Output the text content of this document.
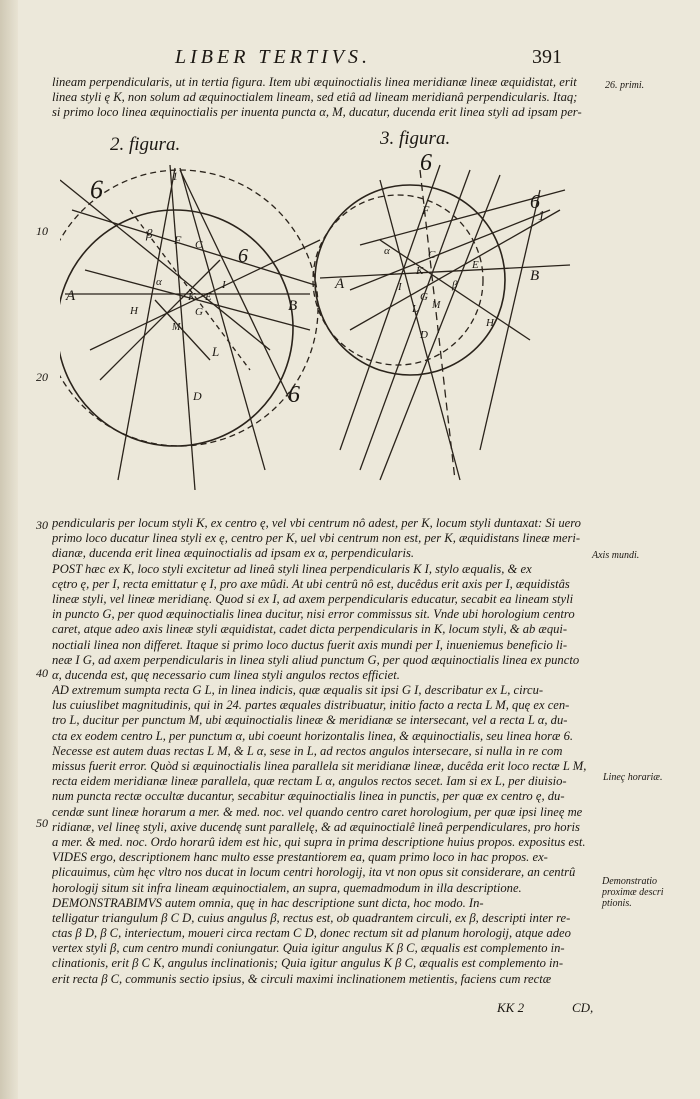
LIBER TERTIVS.	391
lineam perpendicularis, ut in tertia figura. Item ubi æquinoctialis linea meridianæ lineæ æquidistat, erit
linea styli ę K, non solum ad æquinoctialem lineam, sed etiâ ad lineam meridianâ perpendicularis. Itaq;
si primo loco linea æquinoctialis per inuenta puncta α, M, ducatur, ducenda erit linea styli ad ipsam per-
26. primi.
2. figura.	3. figura.
6
6
6
A
B
C
D
E
F
G
H
I
K
L
M
α
β
1	6
6
A	B
C
D
E
F
G
H
I
K
L M
α
β
1
10
20
30
40
50
pendicularis per locum styli K, ex centro ę, vel vbi centrum nô adest, per K, locum styli duntaxat: Si uero
primo loco ducatur linea styli ex ę, centro per K, uel vbi centrum non est, per K, æquidistans lineæ meri-
dianæ, ducenda erit linea æquinoctialis ad ipsam ex α, perpendicularis.
POST hæc ex K, loco styli excitetur ad lineâ styli linea perpendicularis K I, stylo æqualis, & ex
cętro ę, per I, recta emittatur ę I, pro axe mûdi. At ubi centrû nô est, ducêdus erit axis per I, æquidistâs
lineæ styli, vel lineæ meridianę. Quod si ex I, ad axem perpendicularis educatur, secabit ea lineam styli
in puncto G, per quod æquinoctialis linea ducitur, nisi error commissus sit. Vnde ubi horologium centro
caret, atque adeo axis lineæ styli æquidistat, cadet dicta perpendicularis in K, locum styli, & ab æqui-
noctiali linea non differet. Itaque si primo loco ductus fuerit axis mundi per I, inueniemus beneficio li-
neæ I G, ad axem perpendicularis in linea styli aliud punctum G, per quod æquinoctialis linea ex puncto
α, ducenda est, quę necessario cum linea styli angulos rectos efficiet.
AD extremum sumpta recta G L, in linea indicis, quæ æqualis sit ipsi G I, describatur ex L, circu-
lus cuiuslibet magnitudinis, qui in 24. partes æquales distribuatur, initio facto a recta L M, quę ex cen-
tro L, ducitur per punctum M, ubi æquinoctialis lineæ & meridianæ se intersecant, vel a recta L α, du-
cta ex eodem centro L, per punctum α, ubi coeunt horizontalis linea, & æquinoctialis, seu linea horæ 6.
Necesse est autem duas rectas L M, & L α, sese in L, ad rectos angulos intersecare, si nulla in re com
missus fuerit error. Quòd si æquinoctialis linea parallela sit meridianæ lineæ, ducêda erit loco rectæ L M,
recta eidem meridianæ lineæ parallela, quæ rectam L α, angulos rectos secet. Iam si ex L, per diuisio-
num puncta rectæ occultæ ducantur, secabitur æquinoctialis linea in punctis, per quæ ex centro ę, du-
cendæ sunt lineæ horarum a mer. & med. noc. vel quando centro caret horologium, per quæ ipsi lineę me
ridianæ, vel lineę styli, axive ducendę sunt parallelę, & ad æquinoctialê lineâ perpendiculares, pro horis
a mer. & med. noc. Ordo horarû idem est hic, qui supra in prima descriptione huius propos. expositus est.
VIDES ergo, descriptionem hanc multo esse prestantiorem ea, quam primo loco in hac propos. ex-
plicauimus, cùm hęc vltro nos ducat in locum centri horologij, ita vt non opus sit considerare, an centrû
horologij situm sit infra lineam æquinoctialem, an supra, quemadmodum in illa descriptione.
DEMONSTRABIMVS autem omnia, quę in hac descriptione sunt dicta, hoc modo. In-
telligatur triangulum β C D, cuius angulus β, rectus est, ob quadrantem circuli, ex β, descripti inter re-
ctas β D, β C, interiectum, moueri circa rectam C D, donec rectum sit ad planum horologij, atque adeo
vertex styli β, cum centro mundi coniungatur. Quia igitur angulus K β C, æqualis est complemento in-
clinationis, erit β C K, angulus inclinationis; Quia igitur angulus K β C, æqualis est complemento in-
erit recta β C, communis sectio ipsius, & circuli maximi inclinationem metientis, faciens cum rectæ
Axis mundi.
Lineç horariæ.
Demonstratio
proximæ descri
ptionis.
KK 2	CD,
